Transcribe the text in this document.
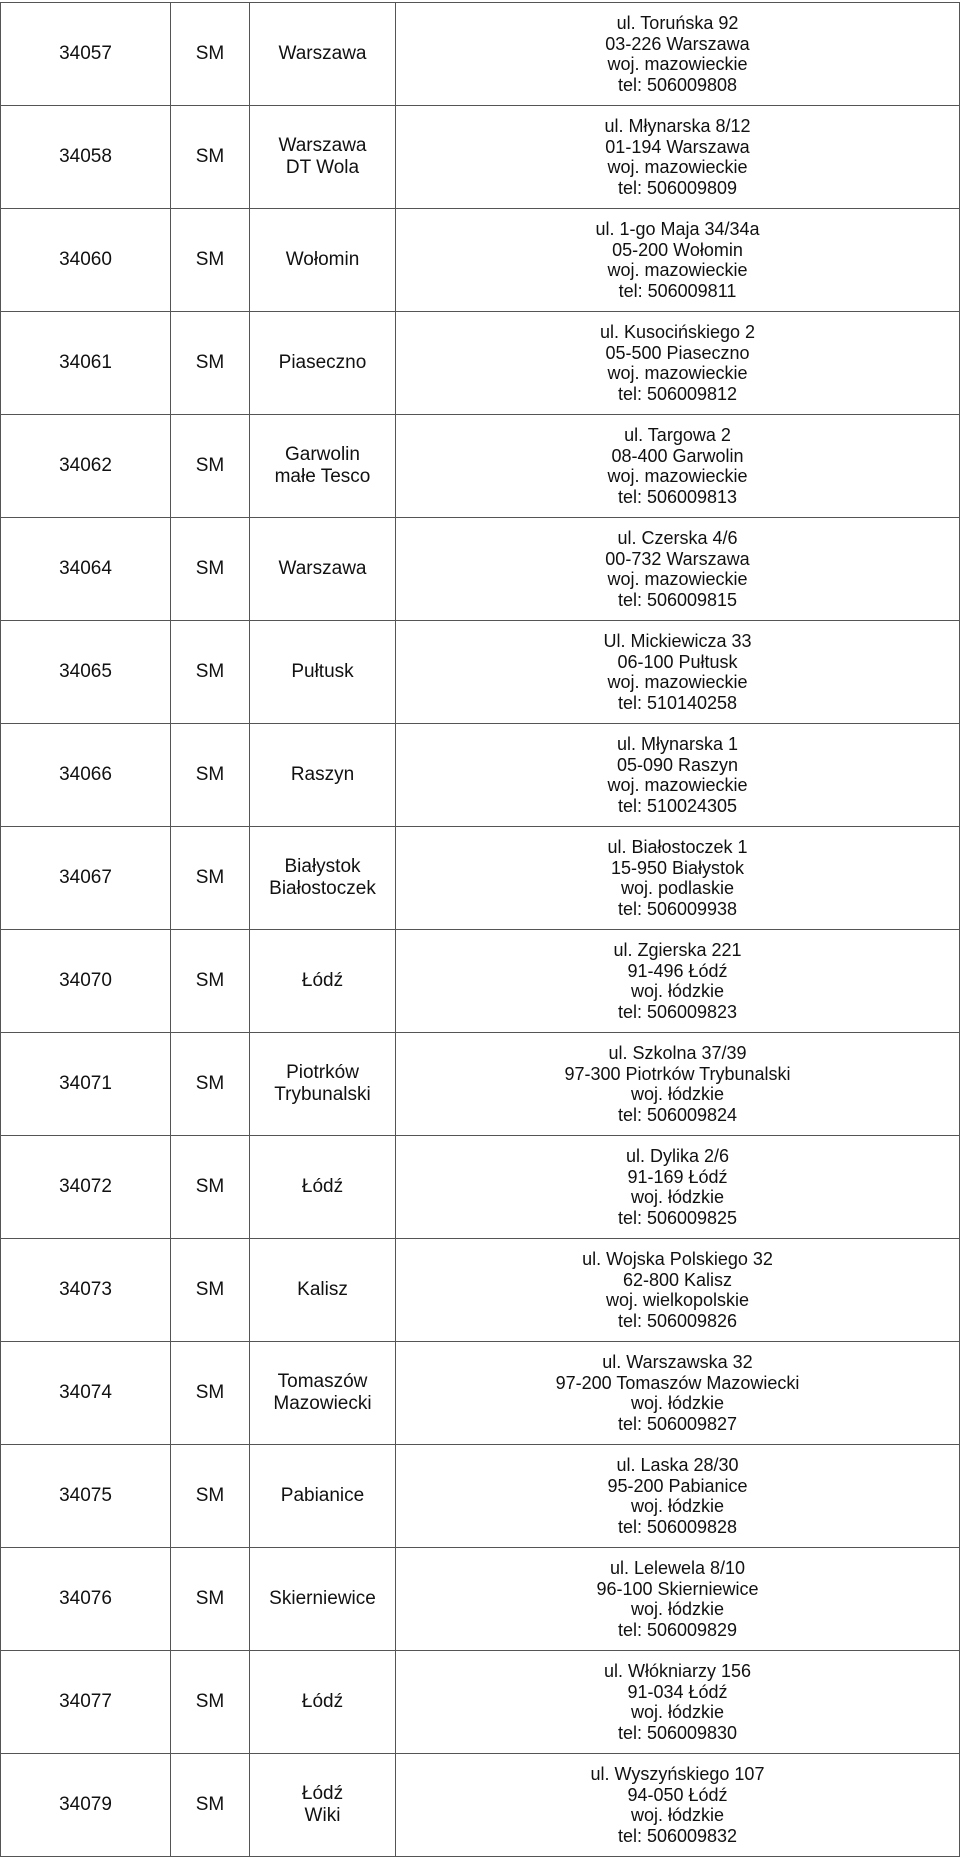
34057	SM	Warszawa	ul. Toruńska 92
03-226 Warszawa
woj. mazowieckie
tel: 506009808

34058	SM	Warszawa
DT Wola	ul. Młynarska 8/12
01-194 Warszawa
woj. mazowieckie
tel: 506009809

34060	SM	Wołomin	ul. 1-go Maja 34/34a
05-200 Wołomin
woj. mazowieckie
tel: 506009811

34061	SM	Piaseczno	ul. Kusocińskiego 2
05-500 Piaseczno
woj. mazowieckie
tel: 506009812

34062	SM	Garwolin
małe Tesco	ul. Targowa 2
08-400 Garwolin
woj. mazowieckie
tel: 506009813

34064	SM	Warszawa	ul. Czerska 4/6
00-732 Warszawa
woj. mazowieckie
tel: 506009815

34065	SM	Pułtusk	Ul. Mickiewicza 33
06-100 Pułtusk
woj. mazowieckie
tel: 510140258

34066	SM	Raszyn	ul. Młynarska 1
05-090 Raszyn
woj. mazowieckie
tel: 510024305

34067	SM	Białystok
Białostoczek	ul. Białostoczek 1
15-950 Białystok
woj. podlaskie
tel: 506009938

34070	SM	Łódź	ul. Zgierska 221
91-496 Łódź
woj. łódzkie
tel: 506009823

34071	SM	Piotrków
Trybunalski	ul. Szkolna 37/39
97-300 Piotrków Trybunalski
woj. łódzkie
tel: 506009824

34072	SM	Łódź	ul. Dylika 2/6
91-169 Łódź
woj. łódzkie
tel: 506009825

34073	SM	Kalisz	ul. Wojska Polskiego 32
62-800 Kalisz
woj. wielkopolskie
tel: 506009826

34074	SM	Tomaszów
Mazowiecki	ul. Warszawska 32
97-200 Tomaszów Mazowiecki
woj. łódzkie
tel: 506009827

34075	SM	Pabianice	ul. Laska 28/30
95-200 Pabianice
woj. łódzkie
tel: 506009828

34076	SM	Skierniewice	ul. Lelewela 8/10
96-100 Skierniewice
woj. łódzkie
tel: 506009829

34077	SM	Łódź	ul. Włókniarzy 156
91-034 Łódź
woj. łódzkie
tel: 506009830

34079	SM	Łódź
Wiki	ul. Wyszyńskiego 107
94-050 Łódź
woj. łódzkie
tel: 506009832
